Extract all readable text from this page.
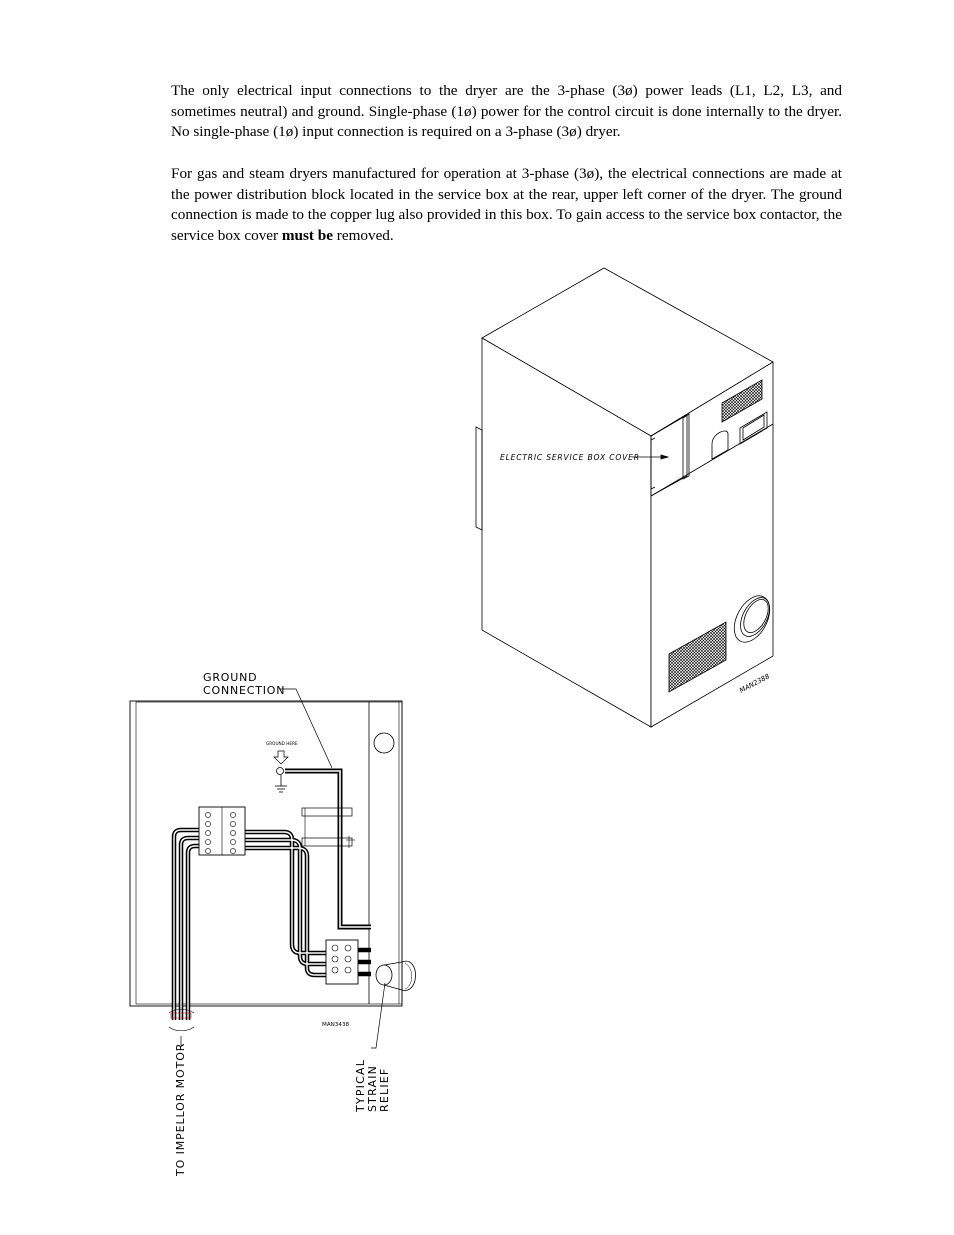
The only electrical input connections to the dryer are the 3-phase (3ø) power leads (L1, L2, L3, and sometimes neutral) and ground. Single-phase (1ø) power for the control circuit is done internally to the dryer. No single-phase (1ø) input connection is required on a 3-phase (3ø) dryer.

For gas and steam dryers manufactured for operation at 3-phase (3ø), the electrical connections are made at the power distribution block located in the service box at the rear, upper left corner of the dryer. The ground connection is made to the copper lug also provided in this box. To gain access to the service box contactor, the service box cover must be removed.

ELECTRIC SERVICE BOX COVER
MAN2388
GROUND
CONNECTION
GROUND HERE
MAN3438
TO IMPELLOR MOTOR	TYPICAL STRAIN RELIEF
